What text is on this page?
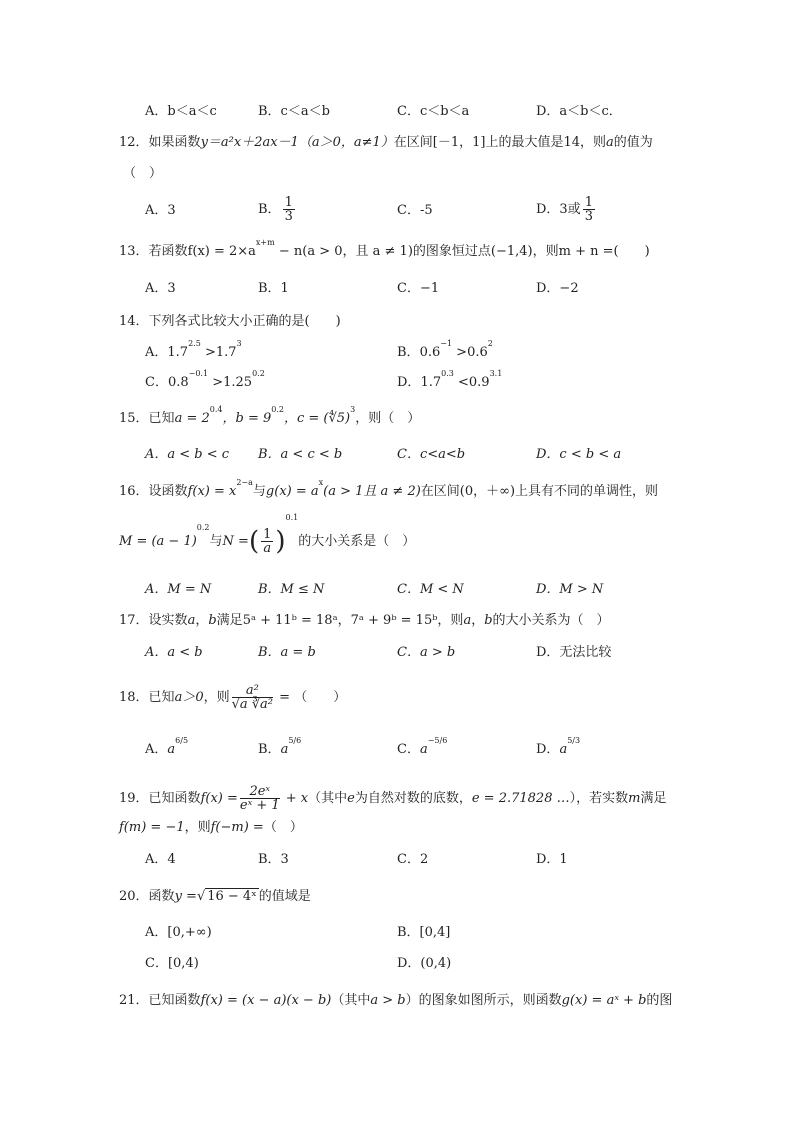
A．b＜a＜c	B．c＜a＜b	C．c＜b＜a	D．a＜b＜c．
12．如果函数y＝a²x＋2ax－1（a＞0，a≠1）在区间[－1，1]上的最大值是14，则a的值为
（　）
A．3	B． $\frac{1}{3}$	C．-5	D．3或 $\frac{1}{3}$
13．若函数$f(x) = 2\times a^{x+m} - n(a > 0$，且 a ≠ 1)的图象恒过点(−1,4)，则m + n =(　　)
A．3	B．1	C．−1	D．−2
14．下列各式比较大小正确的是(　　)
A．$1.7^{2.5} >1.7^3$
B．$0.6^{-1} >0.6^2$
C．$0.8^{-0.1} >1.25^{0.2}$
D．$1.7^{0.3} <0.9^{3.1}$
15．已知$a = 2^{0.4}$，$b = 9^{0.2}$，c = (∜5)$^3$，则（　）
A．a < b < c B．a < c < b	C．c<a<b	D．c < b < a
16．设函数$f(x) = x^{2-a}$与$g(x) = a^x(a > 1$且 a ≠ 2)在区间(0，＋∞)上具有不同的单调性，则
$M = (a - 1)^{0.2}$与N =( $\frac{1}{a})^{0.1}$的大小关系是（　）
A．M = N	B．M ≤ N	C．M < N	D．M > N
17．设实数a，b满足5ᵃ + 11ᵇ = 18ᵃ，7ᵃ + 9ᵇ = 15ᵇ，则a，b的大小关系为（　）
A．a < b	B．a = b	C．a > b	D．无法比较
18．已知a＞0，则 $\frac{\text{a²}}{\text{√a ∛a²}}$ = （　　）
A．$a^{6/5}$
B．$a^{5/6}$
C．$a^{-5/6}$
D．$a^{5/3}$
19．已知函数$f(x) = \frac{\text{2eˣ}}{\text{eˣ + 1}} + x$（其中e为自然对数的底数，e = 2.71828 …），若实数m满足
f(m) = −1，则f(−m) =（　）
A．4	B．3	C．2	D．1
20．函数y =√ 16 − 4ˣ 的值域是
A．[0,+∞)	B．[0,4]
C．[0,4)	D．(0,4)
21．已知函数f(x) = (x − a)(x − b)（其中a > b）的图象如图所示，则函数g(x) = aˣ + b的图
